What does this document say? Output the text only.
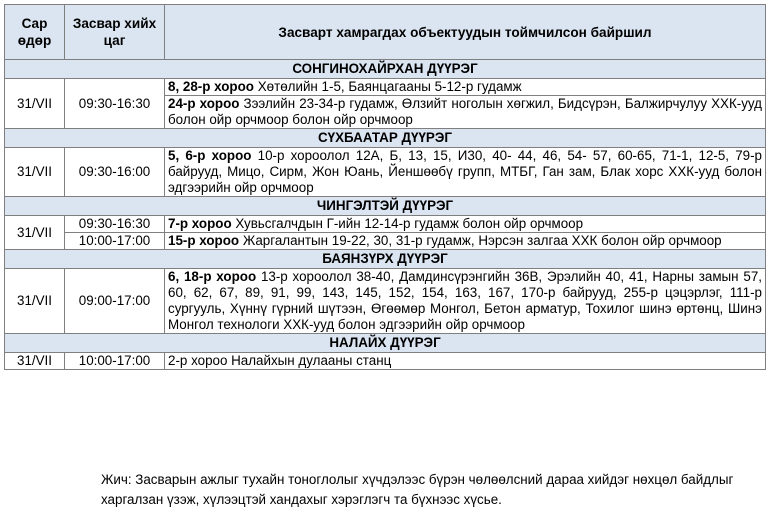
Сар өдөр	Засвар хийх цаг	Засварт хамрагдах объектуудын тоймчилсон байршил
СОНГИНОХАЙРХАН ДҮҮРЭГ		
31/VII	09:30-16:30	8, 28-р хороо Хөтөлийн 1-5, Баянцагааны 5-12-р гудамж
		24-р хороо Зээлийн 23-34-р гудамж, Өлзийт ноголын хөгжил, Бидсүрэн, Балжирчулуу ХХК-ууд болон ойр орчмоор болон ойр орчмоор
СҮХБААТАР ДҮҮРЭГ		
31/VII	09:30-16:00	5, 6-р хороо 10-р хороолол 12А, Б, 13, 15, И30, 40- 44, 46, 54- 57, 60-65, 71-1, 12-5, 79-р байрууд, Мицо, Сирм, Жон Юань, Йеншөөбү групп, МТБГ, Ган зам, Блак хорс ХХК-ууд болон эдгээрийн ойр орчмоор
ЧИНГЭЛТЭЙ ДҮҮРЭГ		
31/VII	09:30-16:30	7-р хороо Хувьсгалчдын Г-ийн 12-14-р гудамж болон ойр орчмоор
	10:00-17:00	15-р хороо Жаргалантын 19-22, 30, 31-р гудамж, Нэрсэн залгаа ХХК болон ойр орчмоор
БАЯНЗҮРХ ДҮҮРЭГ		
31/VII	09:00-17:00	6, 18-р хороо 13-р хороолол 38-40, Дамдинсүрэнгийн 36В, Эрэлийн 40, 41, Нарны замын 57, 60, 62, 67, 89, 91, 99, 143, 145, 152, 154, 163, 167, 170-р байрууд, 255-р цэцэрлэг, 111-р сургууль, Хүннү гүрний шүтээн, Өгөөмөр Монгол, Бетон арматур, Тохилог шинэ өртөнц, Шинэ Монгол технологи ХХК-ууд болон эдгээрийн ойр орчмоор
НАЛАЙХ ДҮҮРЭГ		
31/VII	10:00-17:00	2-р хороо Налайхын дулааны станц
Жич: Засварын ажлыг тухайн тоноглолыг хүчдэлээс бүрэн чөлөөлсний дараа хийдэг нөхцөл байдлыг харгалзан үзэж, хүлээцтэй хандахыг хэрэглэгч та бүхнээс хүсье.
